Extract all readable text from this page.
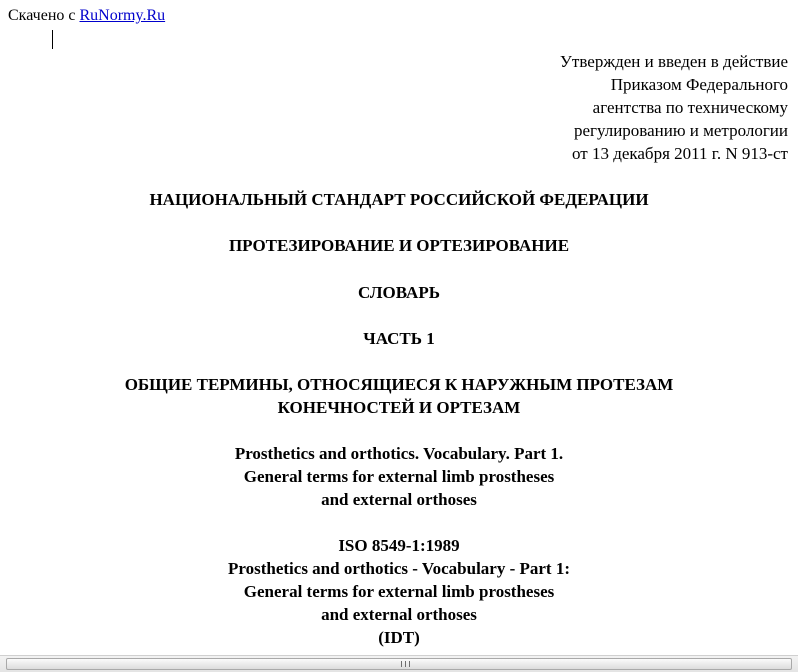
Скачено с RuNormy.Ru
Утвержден и введен в действие
Приказом Федерального
агентства по техническому
регулированию и метрологии
от 13 декабря 2011 г. N 913-ст
НАЦИОНАЛЬНЫЙ СТАНДАРТ РОССИЙСКОЙ ФЕДЕРАЦИИ
ПРОТЕЗИРОВАНИЕ И ОРТЕЗИРОВАНИЕ
СЛОВАРЬ
ЧАСТЬ 1
ОБЩИЕ ТЕРМИНЫ, ОТНОСЯЩИЕСЯ К НАРУЖНЫМ ПРОТЕЗАМ
КОНЕЧНОСТЕЙ И ОРТЕЗАМ
Prosthetics and orthotics. Vocabulary. Part 1.
General terms for external limb prostheses
and external orthoses
ISO 8549-1:1989
Prosthetics and orthotics - Vocabulary - Part 1:
General terms for external limb prostheses
and external orthoses
(IDT)
